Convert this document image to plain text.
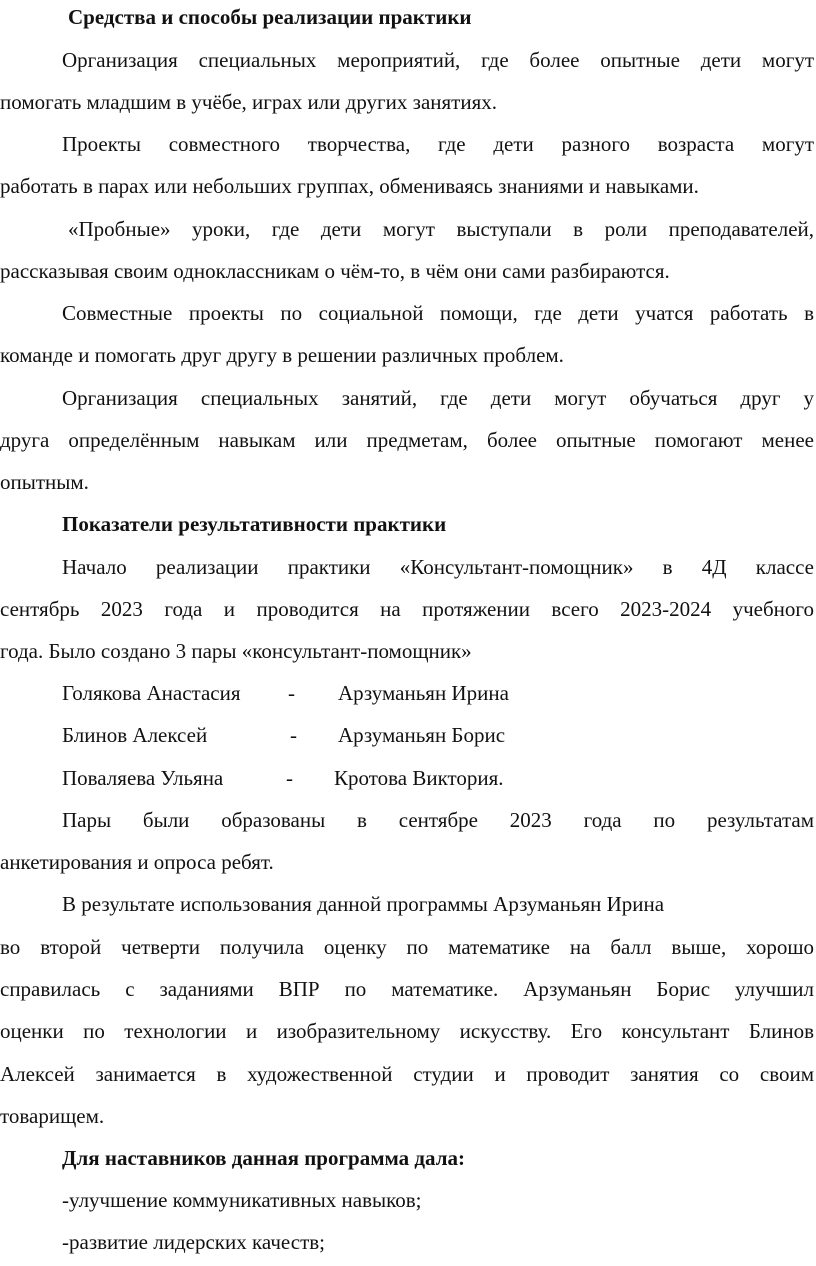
Средства и способы реализации практики
Организация специальных мероприятий, где более опытные дети могут
помогать младшим в учёбе, играх или других занятиях.
Проекты совместного творчества, где дети разного возраста могут
работать в парах или небольших группах, обмениваясь знаниями и навыками.
«Пробные» уроки, где дети могут выступали в роли преподавателей,
рассказывая своим одноклассникам о чём-то, в чём они сами разбираются.
Совместные проекты по социальной помощи, где дети учатся работать в
команде и помогать друг другу в решении различных проблем.
Организация специальных занятий, где дети могут обучаться друг у
друга определённым навыкам или предметам, более опытные помогают менее
опытным.
Показатели результативности практики
Начало реализации практики «Консультант-помощник» в 4Д классе
сентябрь 2023 года и проводится на протяжении всего 2023-2024 учебного
года. Было создано 3 пары «консультант-помощник»
Голякова Анастасия - Арзуманьян Ирина
Блинов Алексей	- Арзуманьян Борис
Поваляева Ульяна	- Кротова Виктория.
Пары были образованы в сентябре 2023 года по результатам
анкетирования и опроса ребят.
В результате использования данной программы Арзуманьян Ирина
во второй четверти получила оценку по математике на балл выше, хорошо
справилась с заданиями ВПР по математике. Арзуманьян Борис улучшил
оценки по технологии и изобразительному искусству. Его консультант Блинов
Алексей занимается в художественной студии и проводит занятия со своим
товарищем.
Для наставников данная программа дала:
-улучшение коммуникативных навыков;
-развитие лидерских качеств;
